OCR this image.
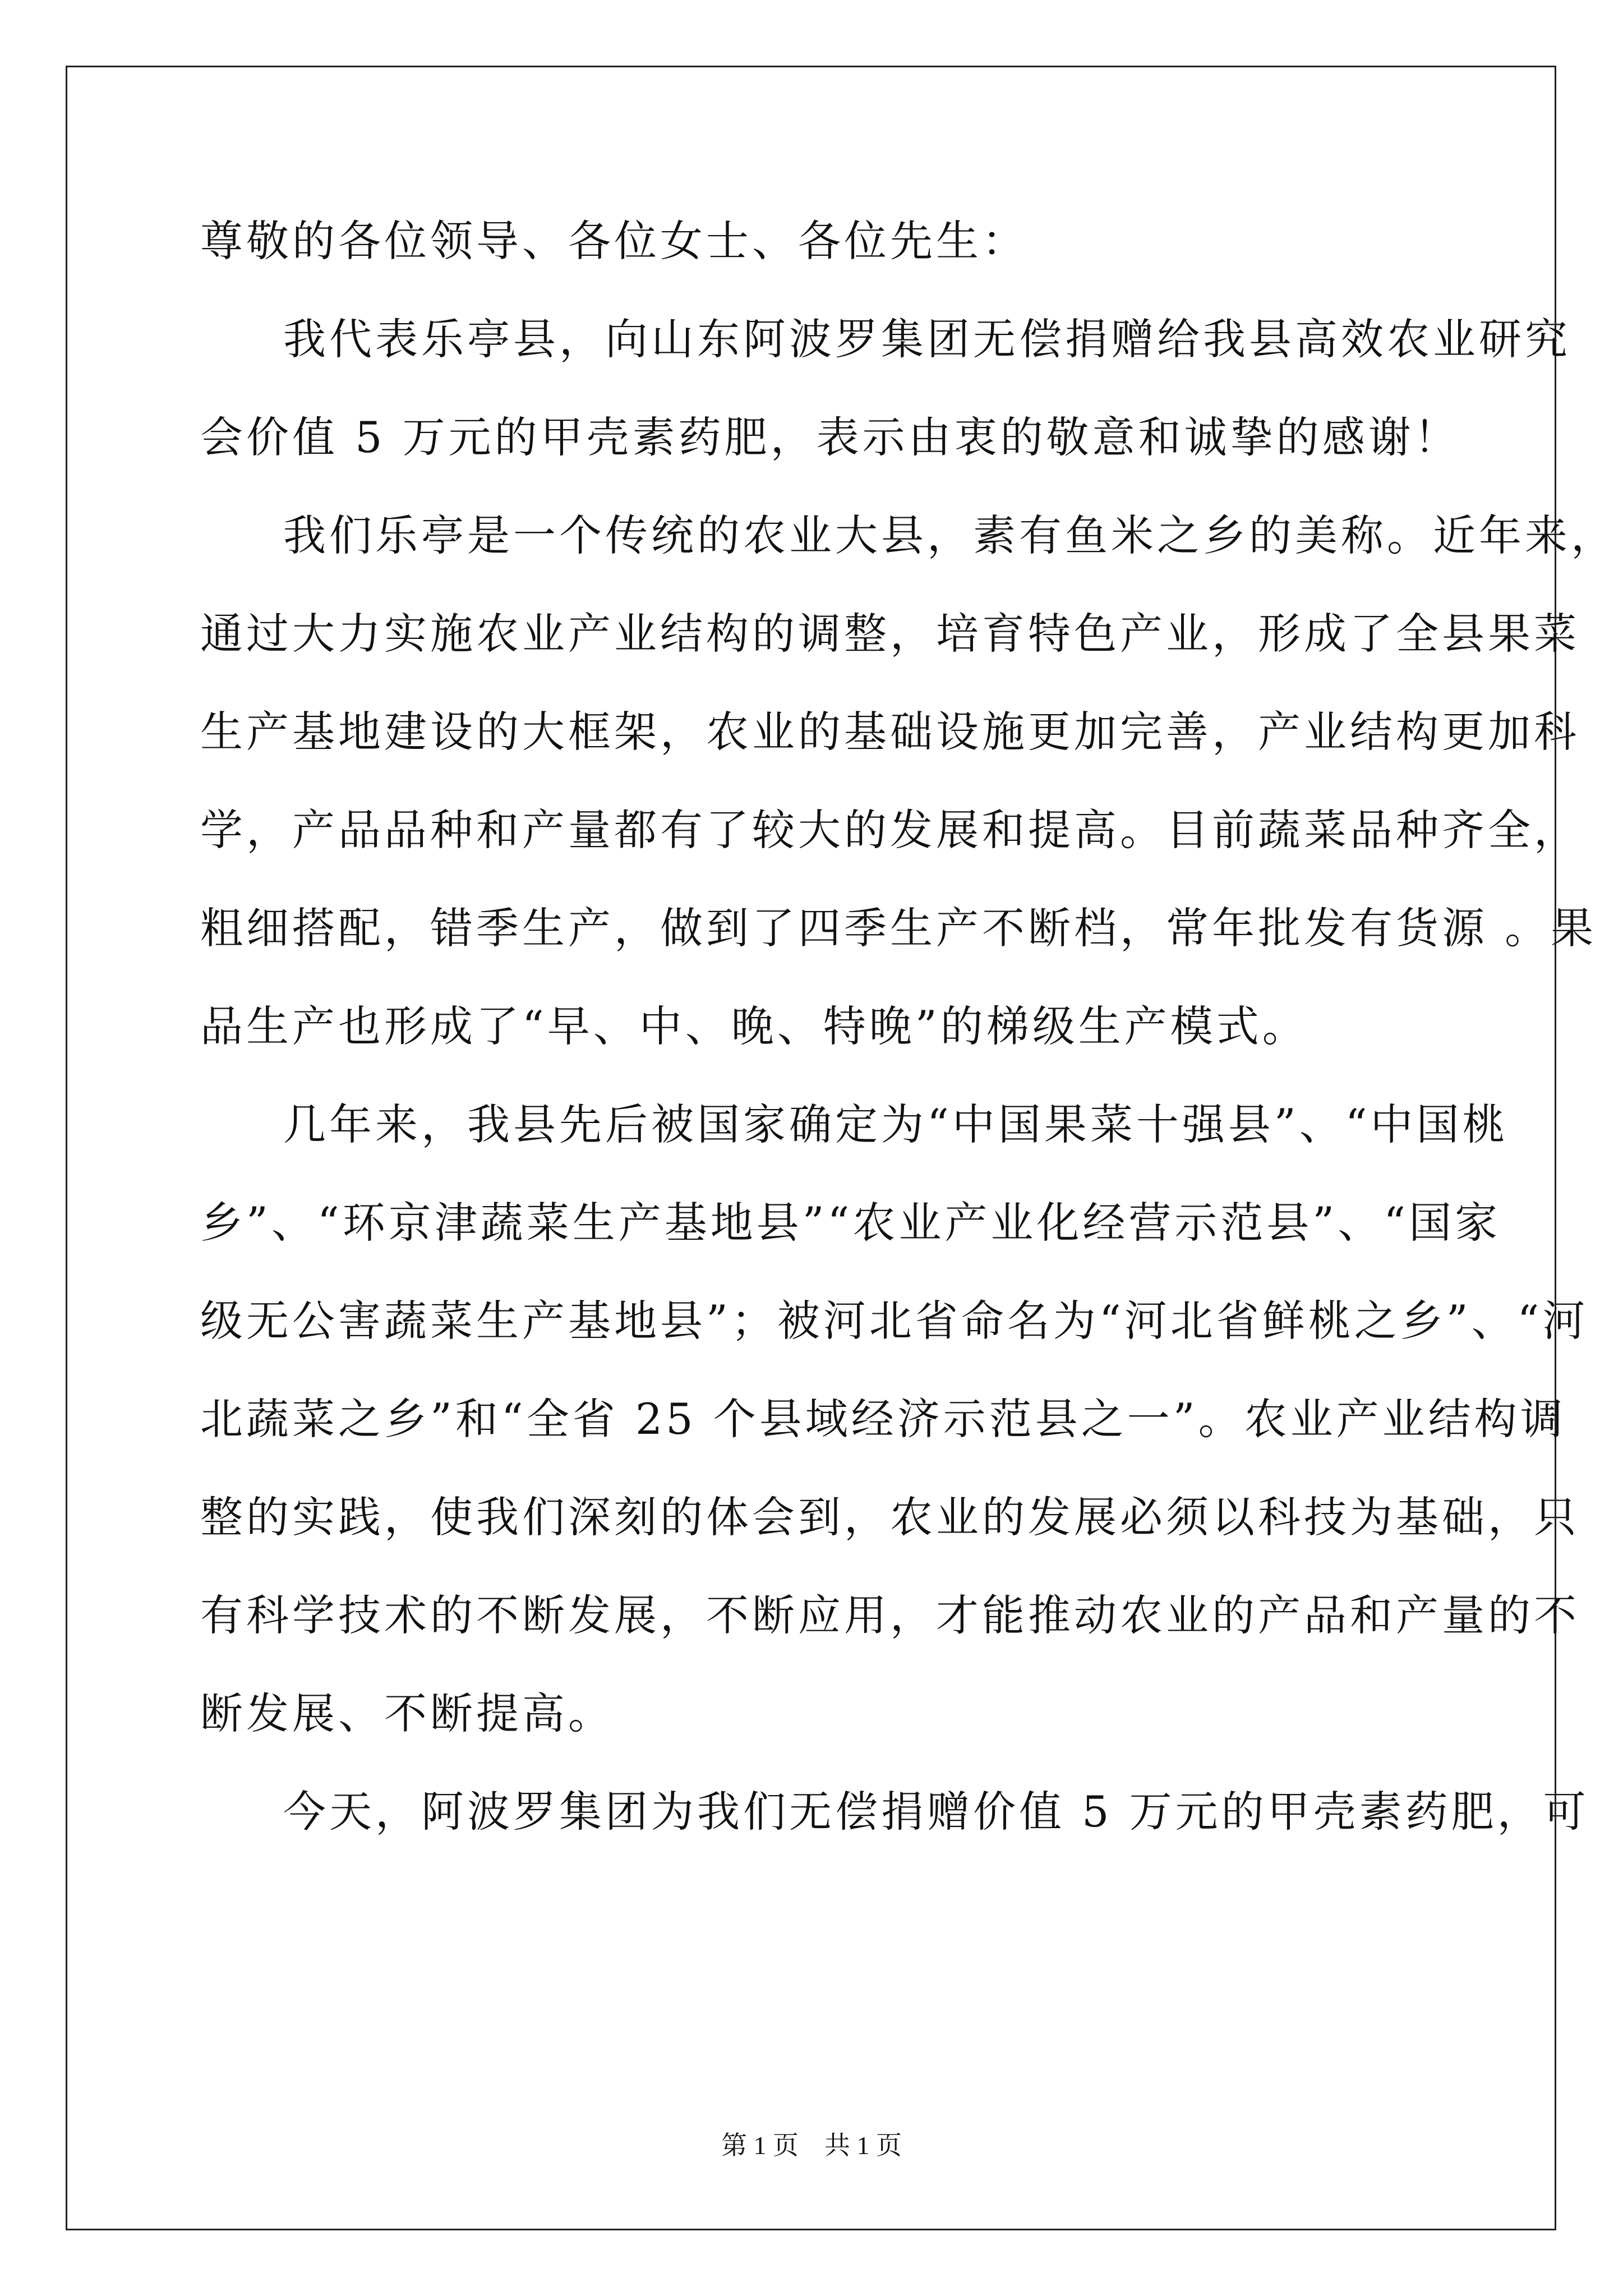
尊敬的各位领导、各位女士、各位先生：
我代表乐亭县，向山东阿波罗集团无偿捐赠给我县高效农业研究
会价值 5 万元的甲壳素药肥，表示由衷的敬意和诚挚的感谢！
我们乐亭是一个传统的农业大县，素有鱼米之乡的美称。近年来，
通过大力实施农业产业结构的调整，培育特色产业，形成了全县果菜
生产基地建设的大框架，农业的基础设施更加完善，产业结构更加科
学，产品品种和产量都有了较大的发展和提高。目前蔬菜品种齐全，
粗细搭配，错季生产，做到了四季生产不断档，常年批发有货源 。果
品生产也形成了“早、中、晚、特晚”的梯级生产模式。
几年来，我县先后被国家确定为“中国果菜十强县”、“中国桃
乡”、“环京津蔬菜生产基地县”“农业产业化经营示范县”、“国家
级无公害蔬菜生产基地县”；被河北省命名为“河北省鲜桃之乡”、“河
北蔬菜之乡”和“全省 25 个县域经济示范县之一”。农业产业结构调
整的实践，使我们深刻的体会到，农业的发展必须以科技为基础，只
有科学技术的不断发展，不断应用，才能推动农业的产品和产量的不
断发展、不断提高。
今天，阿波罗集团为我们无偿捐赠价值 5 万元的甲壳素药肥，可
第 1 页　共 1 页
